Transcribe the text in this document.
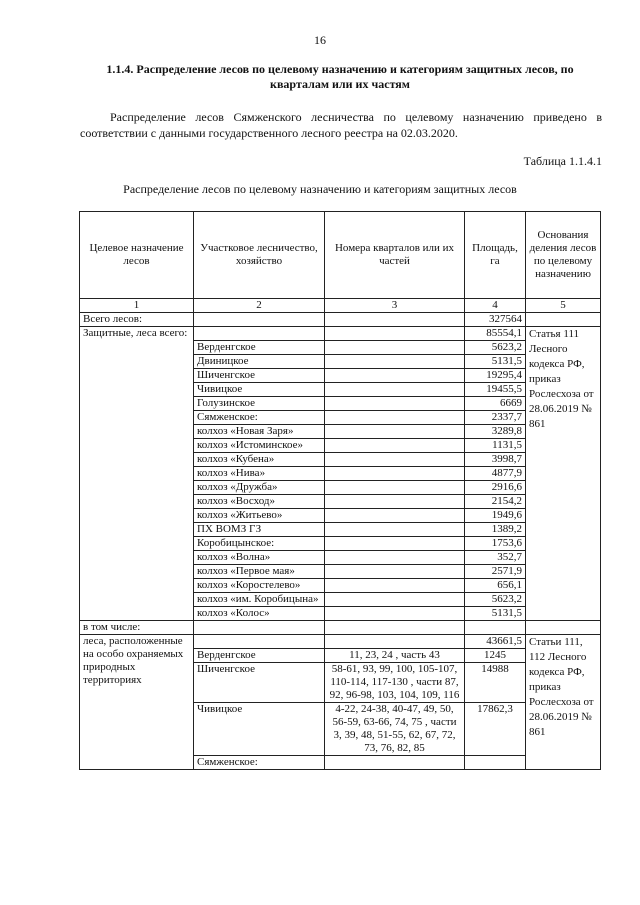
16
1.1.4. Распределение лесов по целевому назначению и категориям защитных лесов, по кварталам или их частям
Распределение лесов Сямженского лесничества по целевому назначению приведено в соответствии с данными государственного лесного реестра на 02.03.2020.
Таблица 1.1.4.1
Распределение лесов по целевому назначению и категориям защитных лесов
Целевое назначение лесов	Участковое лесничество, хозяйство	Номера кварталов или их частей	Площадь, га	Основания деления лесов по целевому назначению
1	2	3	4	5
Всего лесов:			327564	
Защитные, леса всего:			85554,1	Статья 111 Лесного кодекса РФ, приказ Рослесхоза от 28.06.2019 № 861
	Верденгское		5623,2	
	Двиницкое		5131,5	
	Шиченгское		19295,4	
	Чивицкое		19455,5	
	Голузинское		6669	
	Сямженское:		2337,7	
	колхоз «Новая Заря»		3289,8	
	колхоз «Истоминское»		1131,5	
	колхоз «Кубена»		3998,7	
	колхоз «Нива»		4877,9	
	колхоз «Дружба»		2916,6	
	колхоз «Восход»		2154,2	
	колхоз «Житьево»		1949,6	
	ПХ ВОМЗ ГЗ		1389,2	
	Коробицынское:		1753,6	
	колхоз «Волна»		352,7	
	колхоз «Первое мая»		2571,9	
	колхоз «Коростелево»		656,1	
	колхоз «им. Коробицына»		5623,2	
	колхоз «Колос»		5131,5	
в том числе:				
леса, расположенные на особо охраняемых природных территориях			43661,5	Статьи 111, 112 Лесного кодекса РФ, приказ Рослесхоза от 28.06.2019 № 861
	Верденгское	11, 23, 24 , часть 43	1245	
	Шиченгское	58-61, 93, 99, 100, 105-107, 110-114, 117-130 , части 87, 92, 96-98, 103, 104, 109, 116	14988	
	Чивицкое	4-22, 24-38, 40-47, 49, 50, 56-59, 63-66, 74, 75 , части 3, 39, 48, 51-55, 62, 67, 72, 73, 76, 82, 85	17862,3	
	Сямженское:			
